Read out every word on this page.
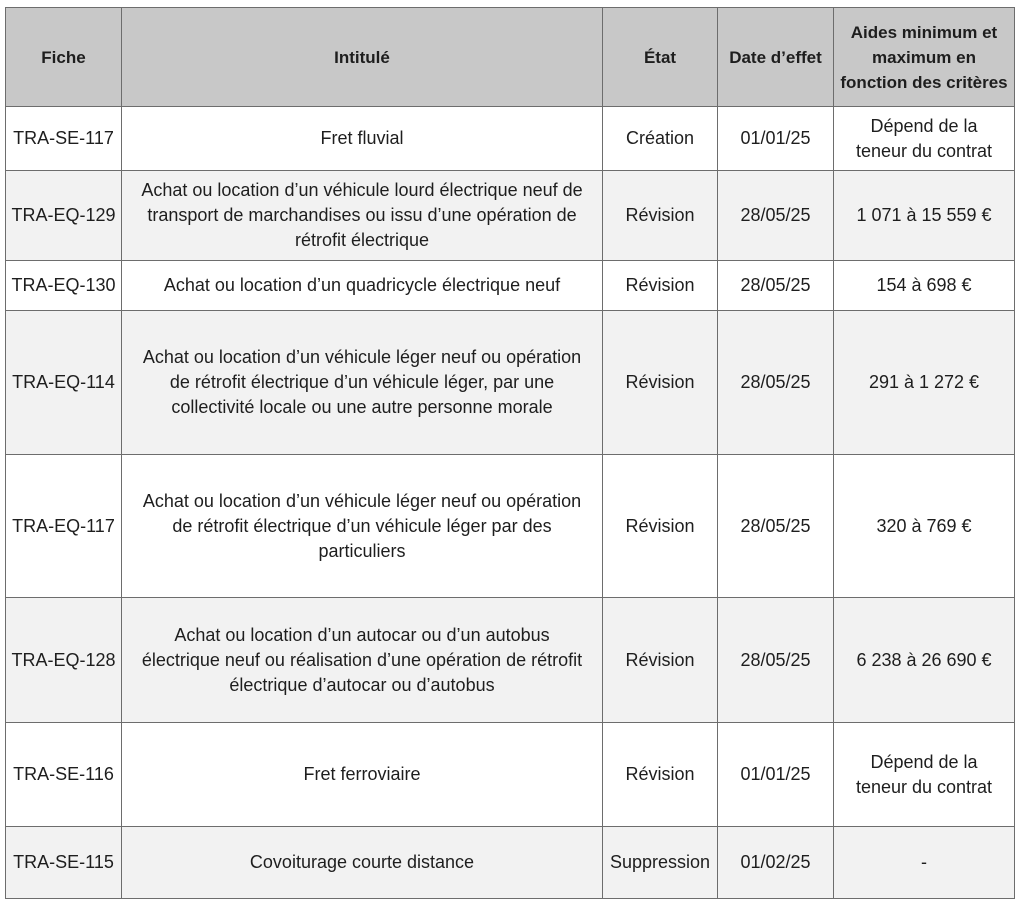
Fiche	Intitulé	État	Date d’effet	Aides minimum et maximum en fonction des critères
TRA-SE-117	Fret fluvial	Création	01/01/25	Dépend de la teneur du contrat
TRA-EQ-129	Achat ou location d’un véhicule lourd électrique neuf de transport de marchandises ou issu d’une opération de rétrofit électrique	Révision	28/05/25	1 071 à 15 559 €
TRA-EQ-130	Achat ou location d’un quadricycle électrique neuf	Révision	28/05/25	154 à 698 €
TRA-EQ-114	Achat ou location d’un véhicule léger neuf ou opération de rétrofit électrique d’un véhicule léger, par une collectivité locale ou une autre personne morale	Révision	28/05/25	291 à 1 272 €
TRA-EQ-117	Achat ou location d’un véhicule léger neuf ou opération de rétrofit électrique d’un véhicule léger par des particuliers	Révision	28/05/25	320 à 769 €
TRA-EQ-128	Achat ou location d’un autocar ou d’un autobus électrique neuf ou réalisation d’une opération de rétrofit électrique d’autocar ou d’autobus	Révision	28/05/25	6 238 à 26 690 €
TRA-SE-116	Fret ferroviaire	Révision	01/01/25	Dépend de la teneur du contrat
TRA-SE-115	Covoiturage courte distance	Suppression	01/02/25	-
